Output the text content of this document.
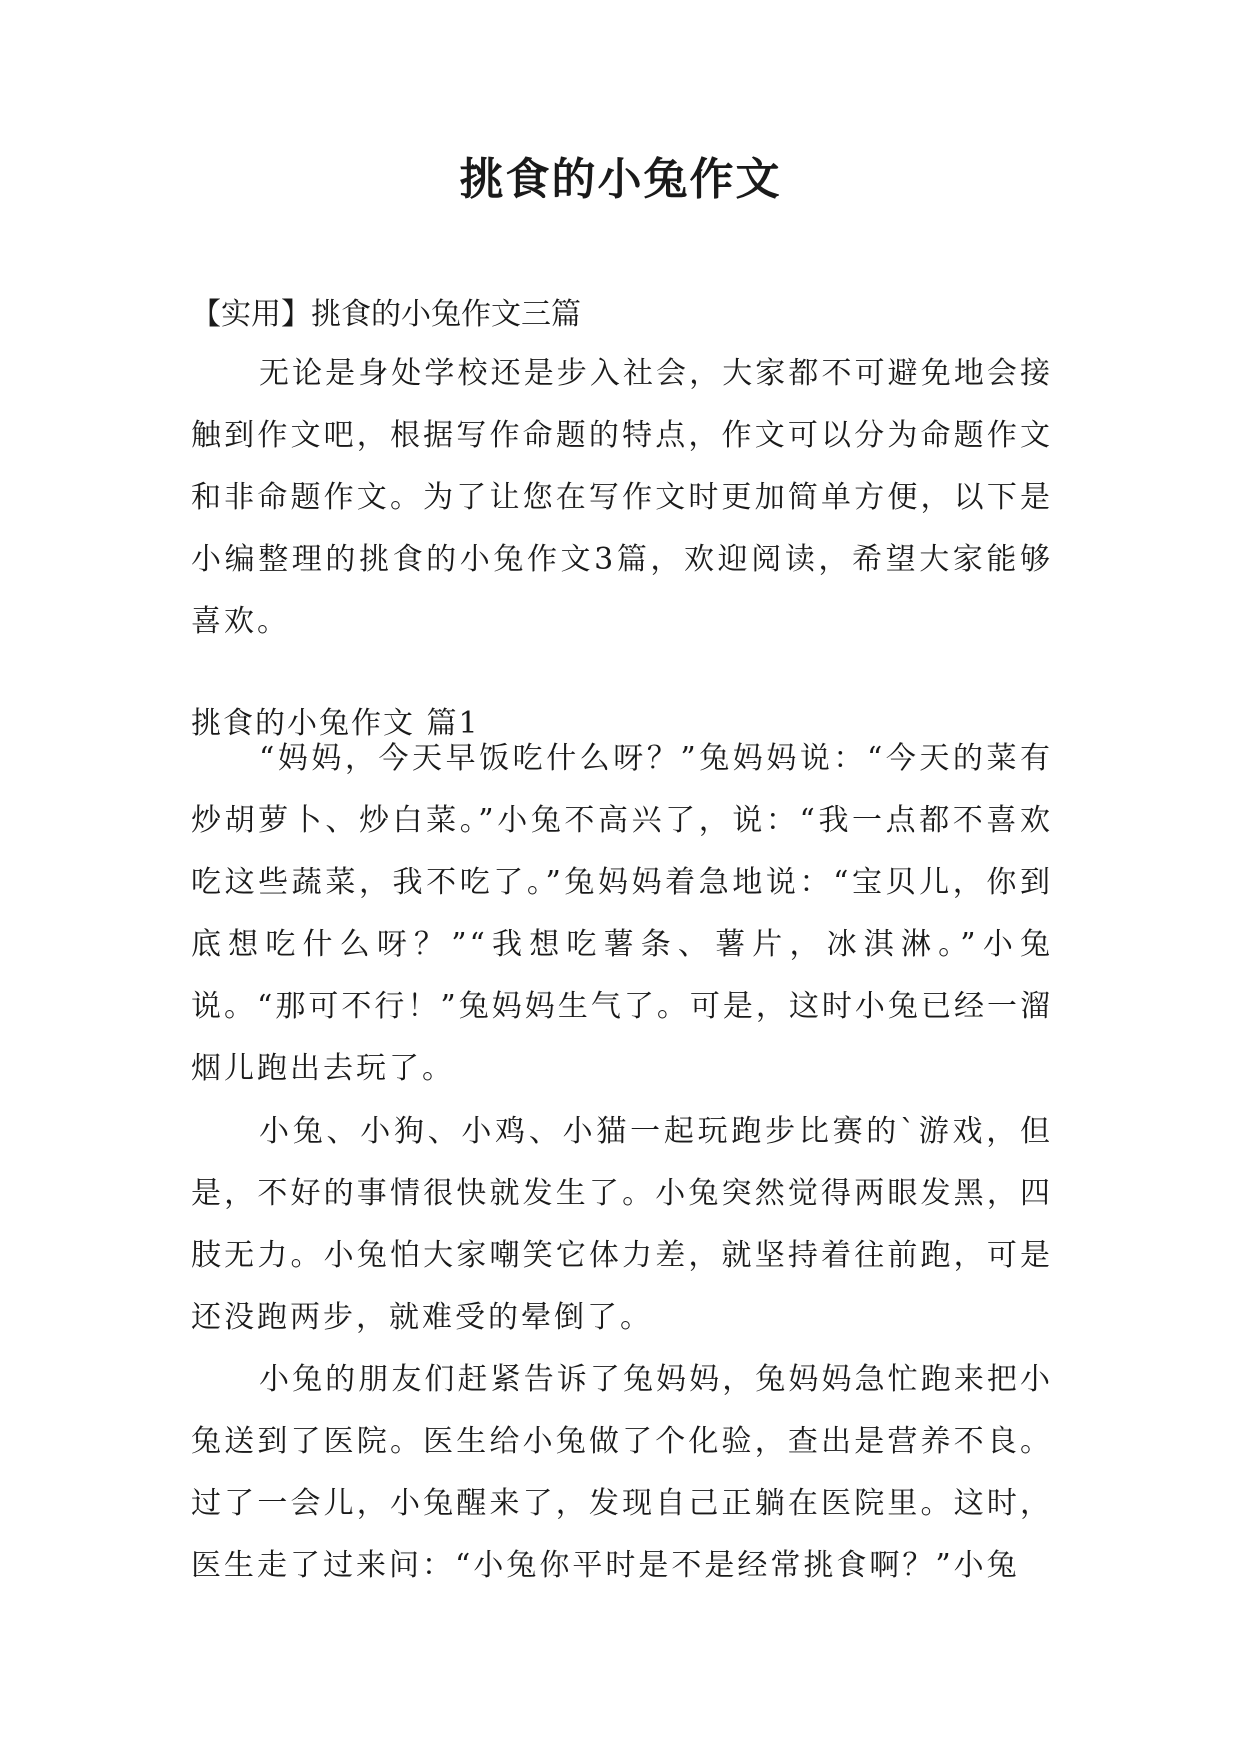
挑食的小兔作文

【实用】挑食的小兔作文三篇

无论是身处学校还是步入社会，大家都不可避免地会接触到作文吧，根据写作命题的特点，作文可以分为命题作文和非命题作文。为了让您在写作文时更加简单方便，以下是小编整理的挑食的小兔作文3篇，欢迎阅读，希望大家能够喜欢。

挑食的小兔作文 篇1

“妈妈，今天早饭吃什么呀？”兔妈妈说：“今天的菜有炒胡萝卜、炒白菜。”小兔不高兴了，说：“我一点都不喜欢吃这些蔬菜，我不吃了。”兔妈妈着急地说：“宝贝儿，你到底想吃什么呀？”“我想吃薯条、薯片，冰淇淋。”小兔说。“那可不行！”兔妈妈生气了。可是，这时小兔已经一溜烟儿跑出去玩了。

小兔、小狗、小鸡、小猫一起玩跑步比赛的`游戏，但是，不好的事情很快就发生了。小兔突然觉得两眼发黑，四肢无力。小兔怕大家嘲笑它体力差，就坚持着往前跑，可是还没跑两步，就难受的晕倒了。

小兔的朋友们赶紧告诉了兔妈妈，兔妈妈急忙跑来把小兔送到了医院。医生给小兔做了个化验，查出是营养不良。过了一会儿，小兔醒来了，发现自己正躺在医院里。这时，医生走了过来问：“小兔你平时是不是经常挑食啊？”小兔
